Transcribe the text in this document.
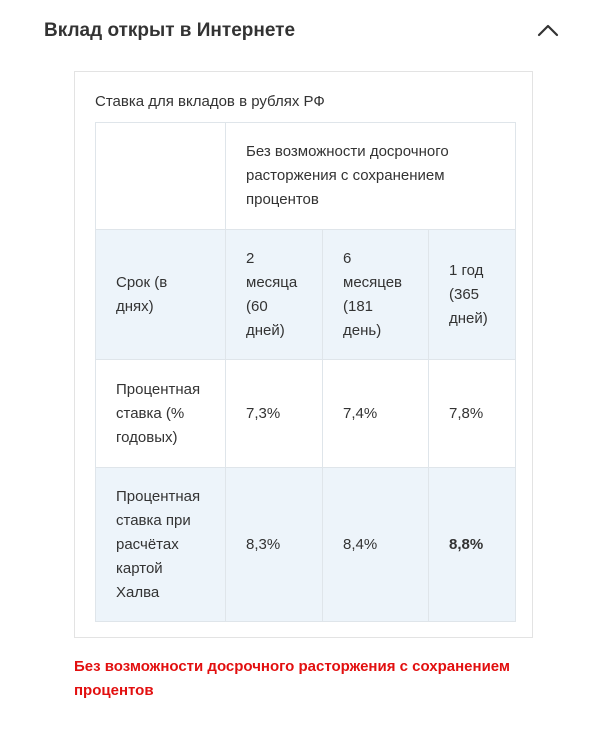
Вклад открыт в Интернете
Ставка для вкладов в рублях РФ
	Без возможности досрочного расторжения с сохранением процентов		
Срок (в днях)	2 месяца (60 дней)	6 месяцев (181 день)	1 год (365 дней)
Процентная ставка (% годовых)	7,3%	7,4%	7,8%
Процентная ставка при расчётах картой Халва	8,3%	8,4%	8,8%
Без возможности досрочного расторжения с сохранением процентов
